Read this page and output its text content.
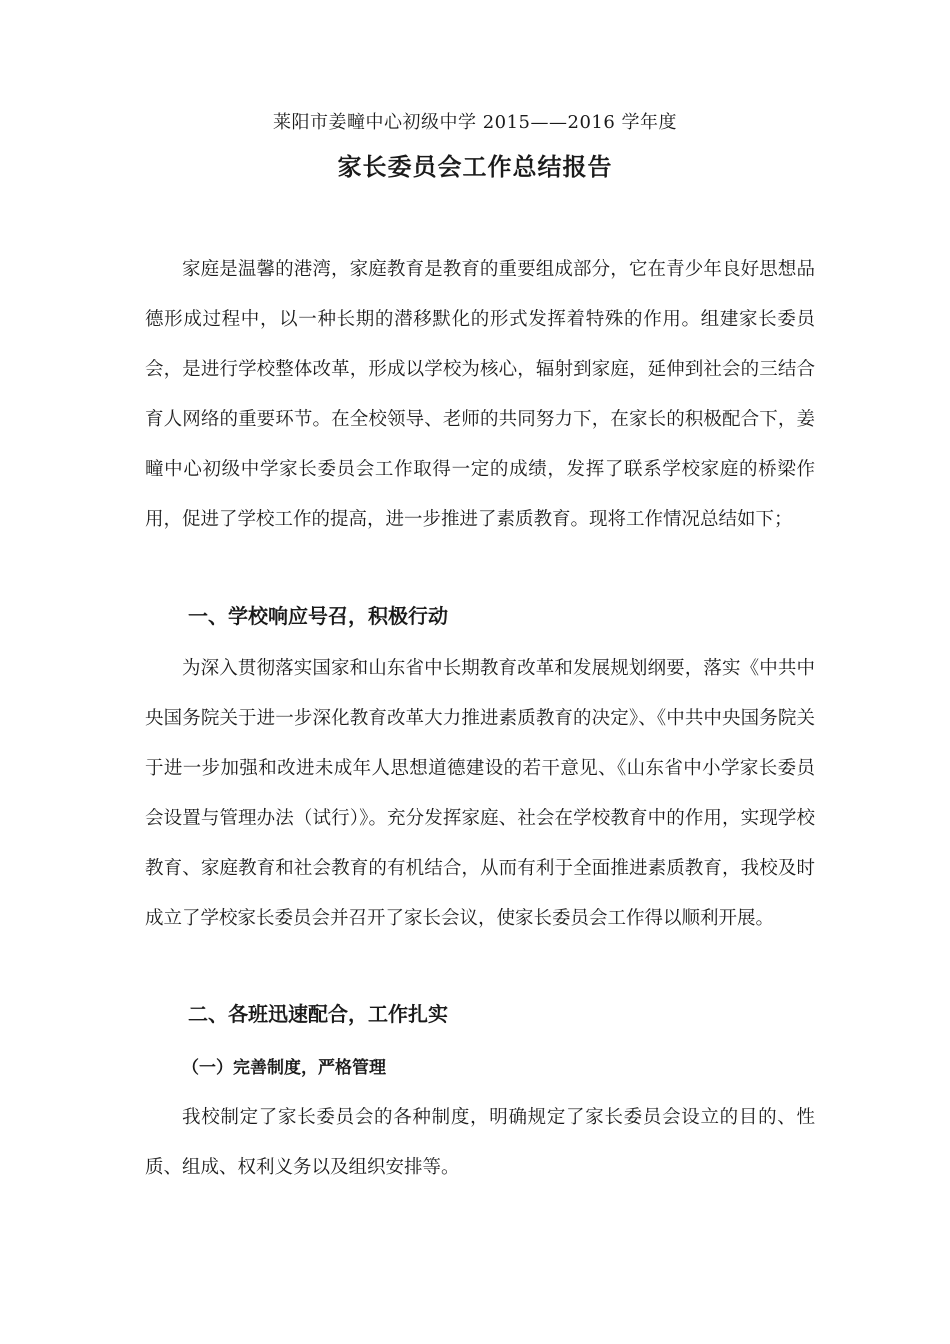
莱阳市姜疃中心初级中学 2015——2016 学年度
家长委员会工作总结报告

家庭是温馨的港湾，家庭教育是教育的重要组成部分，它在青少年良好思想品德形成过程中，以一种长期的潜移默化的形式发挥着特殊的作用。组建家长委员会，是进行学校整体改革，形成以学校为核心，辐射到家庭，延伸到社会的三结合育人网络的重要环节。在全校领导、老师的共同努力下，在家长的积极配合下，姜疃中心初级中学家长委员会工作取得一定的成绩，发挥了联系学校家庭的桥梁作用，促进了学校工作的提高，进一步推进了素质教育。现将工作情况总结如下；

一、学校响应号召，积极行动

为深入贯彻落实国家和山东省中长期教育改革和发展规划纲要，落实《中共中央国务院关于进一步深化教育改革大力推进素质教育的决定》、《中共中央国务院关于进一步加强和改进未成年人思想道德建设的若干意见、《山东省中小学家长委员会设置与管理办法（试行）》。充分发挥家庭、社会在学校教育中的作用，实现学校教育、家庭教育和社会教育的有机结合，从而有利于全面推进素质教育，我校及时成立了学校家长委员会并召开了家长会议，使家长委员会工作得以顺利开展。

二、各班迅速配合，工作扎实
（一）完善制度，严格管理

我校制定了家长委员会的各种制度，明确规定了家长委员会设立的目的、性质、组成、权利义务以及组织安排等。
